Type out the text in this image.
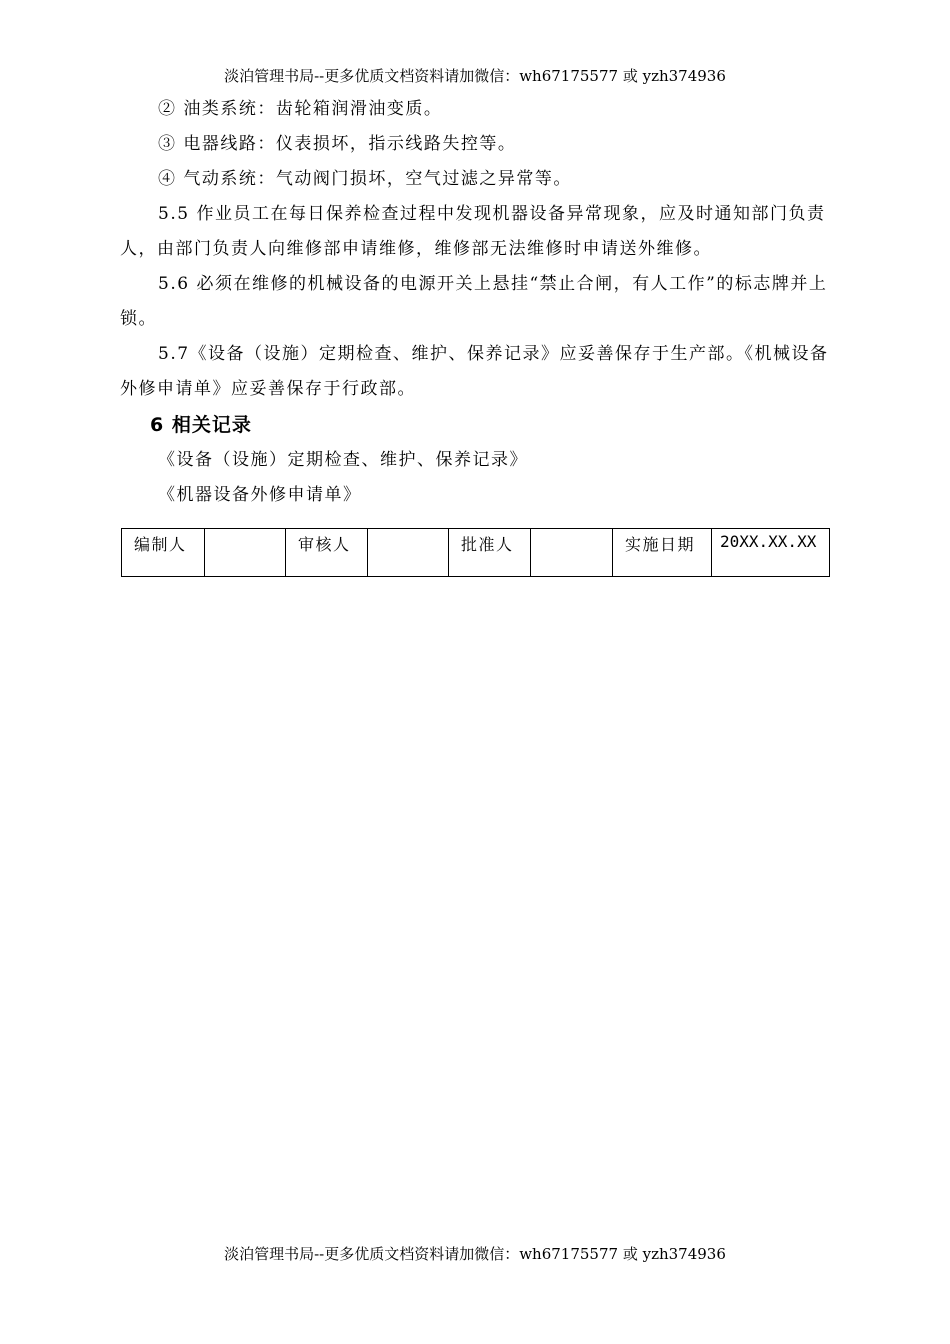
淡泊管理书局--更多优质文档资料请加微信：wh67175577 或 yzh374936

② 油类系统：齿轮箱润滑油变质。

③ 电器线路：仪表损坏，指示线路失控等。

④ 气动系统：气动阀门损坏，空气过滤之异常等。

5.5 作业员工在每日保养检查过程中发现机器设备异常现象，应及时通知部门负责人，由部门负责人向维修部申请维修，维修部无法维修时申请送外维修。

5.6 必须在维修的机械设备的电源开关上悬挂“禁止合闸，有人工作”的标志牌并上锁。

5.7《设备（设施）定期检查、维护、保养记录》应妥善保存于生产部。《机械设备外修申请单》应妥善保存于行政部。

6 相关记录

《设备（设施）定期检查、维护、保养记录》

《机器设备外修申请单》

编制人		审核人		批准人		实施日期	20XX.XX.XX
淡泊管理书局--更多优质文档资料请加微信：wh67175577 或 yzh374936
